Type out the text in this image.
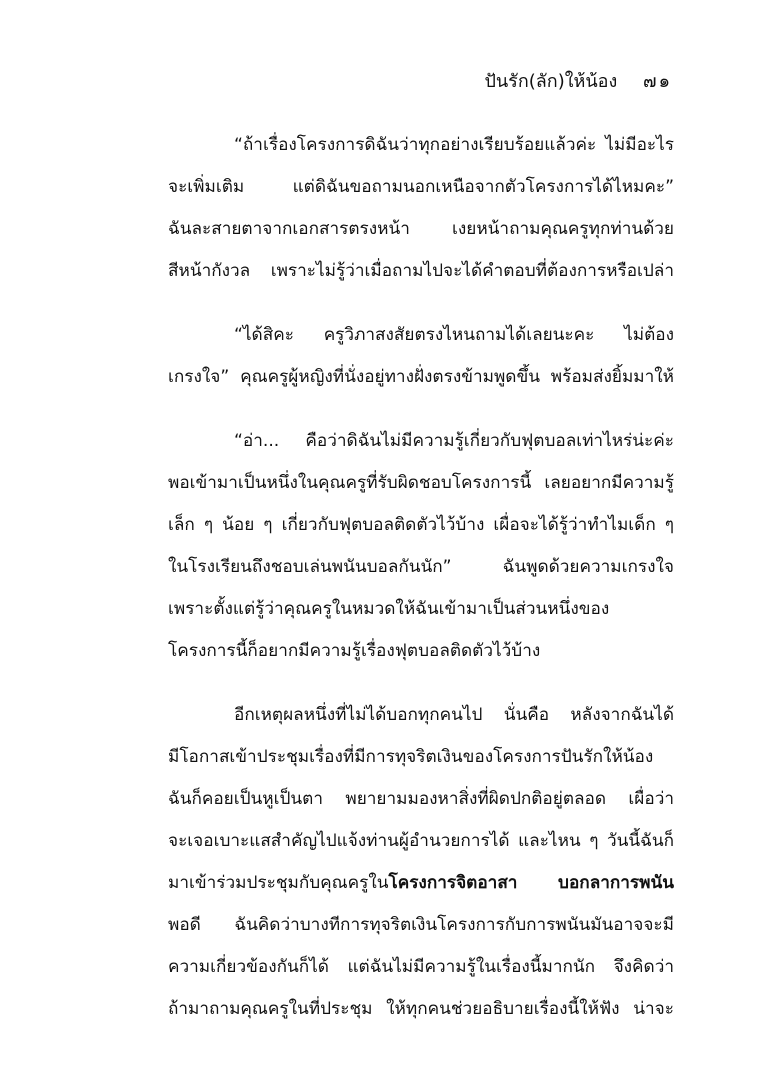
ปันรัก(ลัก)ให้น้อง ๗๑
“ถ้าเรื่องโครงการดิฉันว่าทุกอย่างเรียบร้อยแล้วค่ะ ไม่มีอะไร
จะเพิ่มเติม แต่ดิฉันขอถามนอกเหนือจากตัวโครงการได้ไหมคะ”
ฉันละสายตาจากเอกสารตรงหน้า เงยหน้าถามคุณครูทุกท่านด้วย
สีหน้ากังวล เพราะไม่รู้ว่าเมื่อถามไปจะได้คำตอบที่ต้องการหรือเปล่า
“ได้สิคะ ครูวิภาสงสัยตรงไหนถามได้เลยนะคะ ไม่ต้อง
เกรงใจ” คุณครูผู้หญิงที่นั่งอยู่ทางฝั่งตรงข้ามพูดขึ้น พร้อมส่งยิ้มมาให้
“อ่า... คือว่าดิฉันไม่มีความรู้เกี่ยวกับฟุตบอลเท่าไหร่น่ะค่ะ
พอเข้ามาเป็นหนึ่งในคุณครูที่รับผิดชอบโครงการนี้ เลยอยากมีความรู้
เล็ก ๆ น้อย ๆ เกี่ยวกับฟุตบอลติดตัวไว้บ้าง เผื่อจะได้รู้ว่าทำไมเด็ก ๆ
ในโรงเรียนถึงชอบเล่นพนันบอลกันนัก” ฉันพูดด้วยความเกรงใจ
เพราะตั้งแต่รู้ว่าคุณครูในหมวดให้ฉันเข้ามาเป็นส่วนหนึ่งของ
โครงการนี้ก็อยากมีความรู้เรื่องฟุตบอลติดตัวไว้บ้าง
อีกเหตุผลหนึ่งที่ไม่ได้บอกทุกคนไป นั่นคือ หลังจากฉันได้
มีโอกาสเข้าประชุมเรื่องที่มีการทุจริตเงินของโครงการปันรักให้น้อง
ฉันก็คอยเป็นหูเป็นตา พยายามมองหาสิ่งที่ผิดปกติอยู่ตลอด เผื่อว่า
จะเจอเบาะแสสำคัญไปแจ้งท่านผู้อำนวยการได้ และไหน ๆ วันนี้ฉันก็
มาเข้าร่วมประชุมกับคุณครูในโครงการจิตอาสา บอกลาการพนัน
พอดี ฉันคิดว่าบางทีการทุจริตเงินโครงการกับการพนันมันอาจจะมี
ความเกี่ยวข้องกันก็ได้ แต่ฉันไม่มีความรู้ในเรื่องนี้มากนัก จึงคิดว่า
ถ้ามาถามคุณครูในที่ประชุม ให้ทุกคนช่วยอธิบายเรื่องนี้ให้ฟัง น่าจะ
